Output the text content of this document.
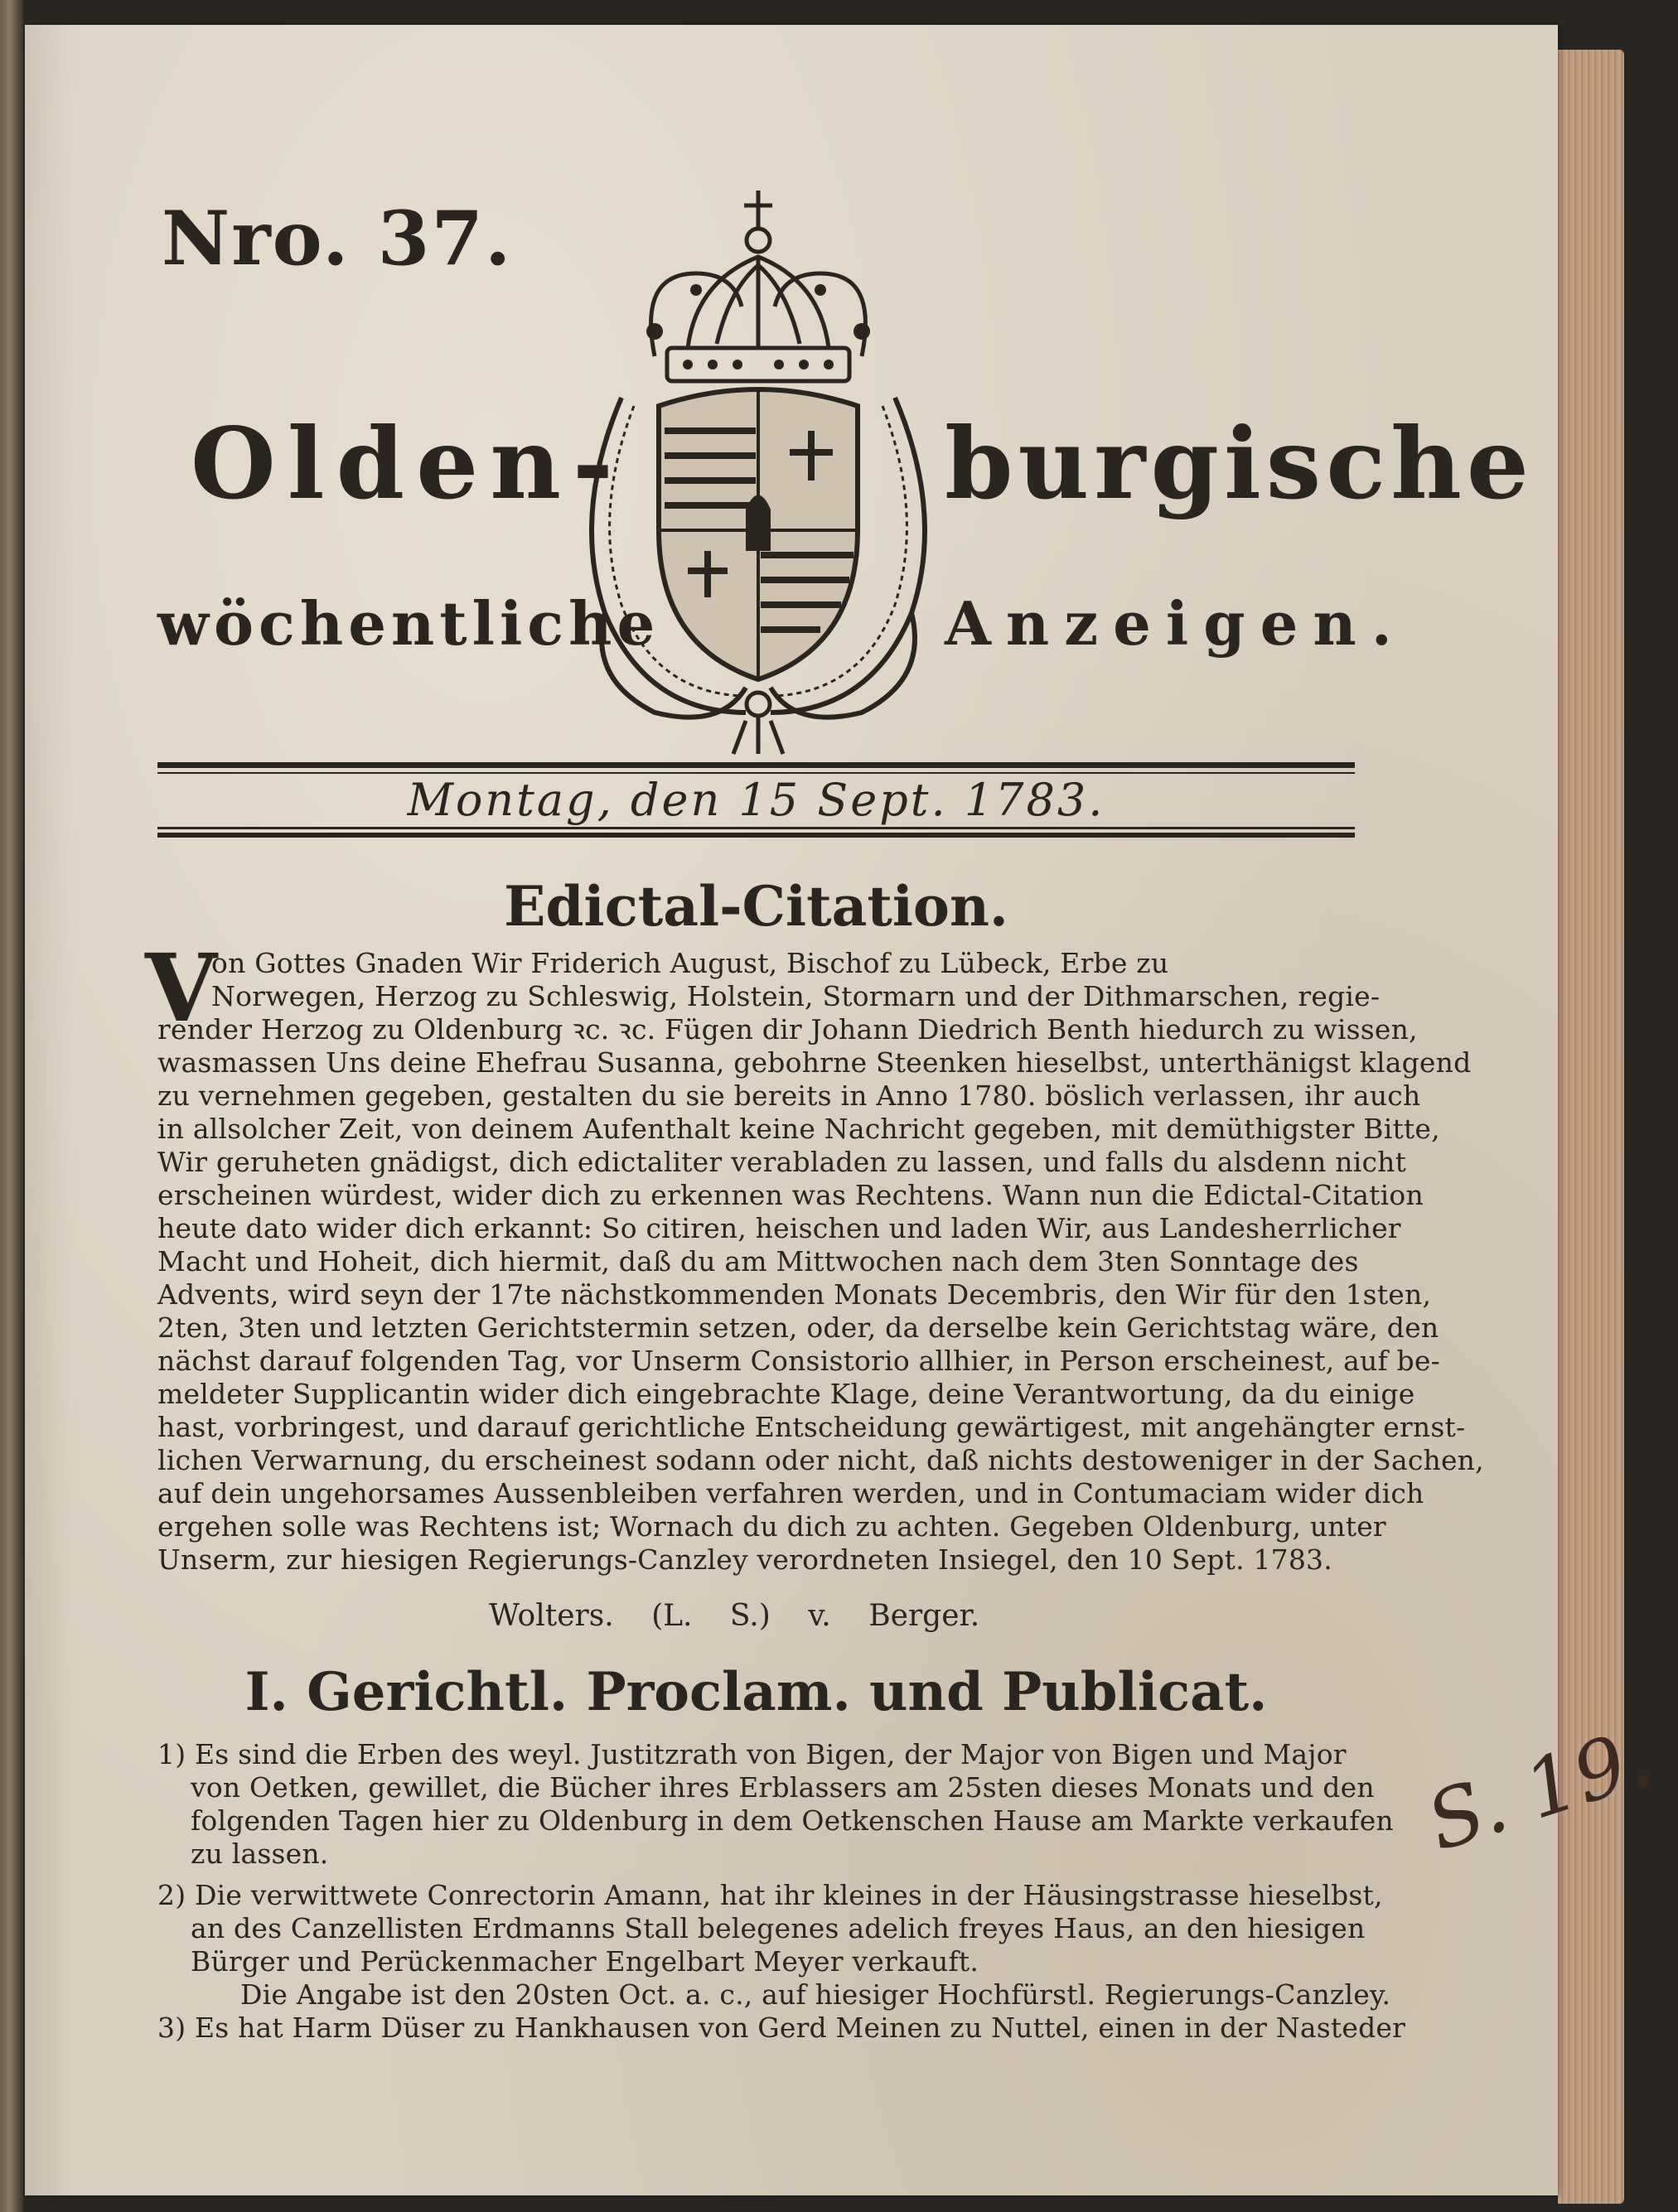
Nro. 37.
Olden-	burgische
wöchentliche	Anzeigen.
Montag, den 15 Sept. 1783.
Edictal-Citation.
V
on Gottes Gnaden Wir Friderich August, Bischof zu Lübeck, Erbe zu
Norwegen, Herzog zu Schleswig, Holstein, Stormarn und der Dithmarschen, regie-
render Herzog zu Oldenburg ꝛc. ꝛc. Fügen dir Johann Diedrich Benth hiedurch zu wissen,
wasmassen Uns deine Ehefrau Susanna, gebohrne Steenken hieselbst, unterthänigst klagend
zu vernehmen gegeben, gestalten du sie bereits in Anno 1780. böslich verlassen, ihr auch
in allsolcher Zeit, von deinem Aufenthalt keine Nachricht gegeben, mit demüthigster Bitte,
Wir geruheten gnädigst, dich edictaliter verabladen zu lassen, und falls du alsdenn nicht
erscheinen würdest, wider dich zu erkennen was Rechtens. Wann nun die Edictal-Citation
heute dato wider dich erkannt: So citiren, heischen und laden Wir, aus Landesherrlicher
Macht und Hoheit, dich hiermit, daß du am Mittwochen nach dem 3ten Sonntage des
Advents, wird seyn der 17te nächstkommenden Monats Decembris, den Wir für den 1sten,
2ten, 3ten und letzten Gerichtstermin setzen, oder, da derselbe kein Gerichtstag wäre, den
nächst darauf folgenden Tag, vor Unserm Consistorio allhier, in Person erscheinest, auf be-
meldeter Supplicantin wider dich eingebrachte Klage, deine Verantwortung, da du einige
hast, vorbringest, und darauf gerichtliche Entscheidung gewärtigest, mit angehängter ernst-
lichen Verwarnung, du erscheinest sodann oder nicht, daß nichts destoweniger in der Sachen,
auf dein ungehorsames Aussenbleiben verfahren werden, und in Contumaciam wider dich
ergehen solle was Rechtens ist; Wornach du dich zu achten. Gegeben Oldenburg, unter
Unserm, zur hiesigen Regierungs-Canzley verordneten Insiegel, den 10 Sept. 1783.
Wolters. (L. S.) v. Berger.
I. Gerichtl. Proclam. und Publicat.
1) Es sind die Erben des weyl. Justitzrath von Bigen, der Major von Bigen und Major
von Oetken, gewillet, die Bücher ihres Erblassers am 25sten dieses Monats und den
folgenden Tagen hier zu Oldenburg in dem Oetkenschen Hause am Markte verkaufen
zu lassen.
2) Die verwittwete Conrectorin Amann, hat ihr kleines in der Häusingstrasse hieselbst,
an des Canzellisten Erdmanns Stall belegenes adelich freyes Haus, an den hiesigen
Bürger und Perückenmacher Engelbart Meyer verkauft.
Die Angabe ist den 20sten Oct. a. c., auf hiesiger Hochfürstl. Regierungs-Canzley.
3) Es hat Harm Düser zu Hankhausen von Gerd Meinen zu Nuttel, einen in der Nasteder
S. 19.
